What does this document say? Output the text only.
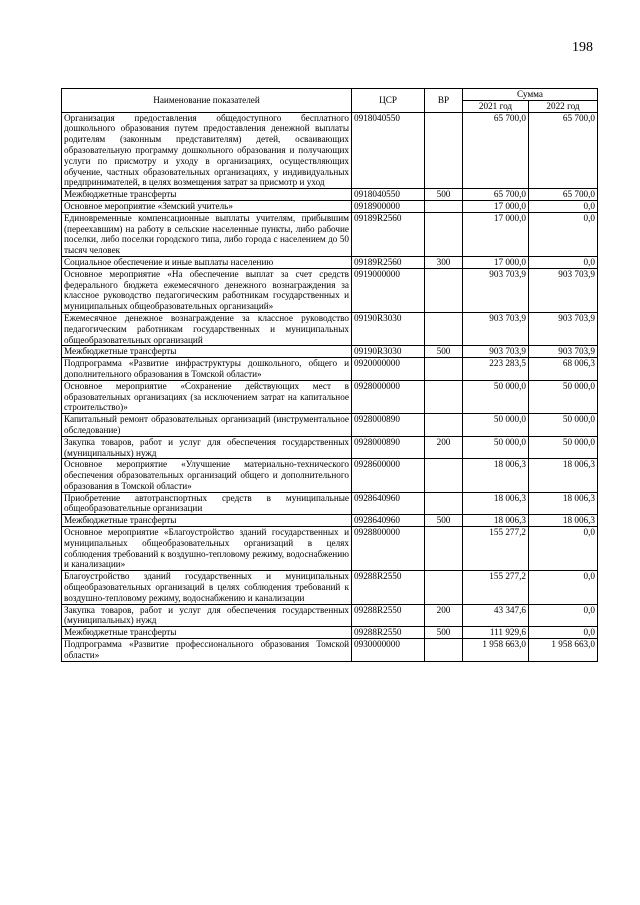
198
Наименование показателей	ЦСР	ВР	Сумма	
			2021 год	2022 год
Организация предоставления общедоступного бесплатного дошкольного образования путем предоставления денежной выплаты родителям (законным представителям) детей, осваивающих образовательную программу дошкольного образования и получающих услуги по присмотру и уходу в организациях, осуществляющих обучение, частных образовательных организациях, у индивидуальных предпринимателей, в целях возмещения затрат за присмотр и уход	0918040550		65 700,0	65 700,0
Межбюджетные трансферты	0918040550	500	65 700,0	65 700,0
Основное мероприятие «Земский учитель»	0918900000		17 000,0	0,0
Единовременные компенсационные выплаты учителям, прибывшим (переехавшим) на работу в сельские населенные пункты, либо рабочие поселки, либо поселки городского типа, либо города с населением до 50 тысяч человек	09189R2560		17 000,0	0,0
Социальное обеспечение и иные выплаты населению	09189R2560	300	17 000,0	0,0
Основное мероприятие «На обеспечение выплат за счет средств федерального бюджета ежемесячного денежного вознаграждения за классное руководство педагогическим работникам государственных и муниципальных общеобразовательных организаций»	0919000000		903 703,9	903 703,9
Ежемесячное денежное вознаграждение за классное руководство педагогическим работникам государственных и муниципальных общеобразовательных организаций	09190R3030		903 703,9	903 703,9
Межбюджетные трансферты	09190R3030	500	903 703,9	903 703,9
Подпрограмма «Развитие инфраструктуры дошкольного, общего и дополнительного образования в Томской области»	0920000000		223 283,5	68 006,3
Основное мероприятие «Сохранение действующих мест в образовательных организациях (за исключением затрат на капитальное строительство)»	0928000000		50 000,0	50 000,0
Капитальный ремонт образовательных организаций (инструментальное обследование)	0928000890		50 000,0	50 000,0
Закупка товаров, работ и услуг для обеспечения государственных (муниципальных) нужд	0928000890	200	50 000,0	50 000,0
Основное мероприятие «Улучшение материально-технического обеспечения образовательных организаций общего и дополнительного образования в Томской области»	0928600000		18 006,3	18 006,3
Приобретение автотранспортных средств в муниципальные общеобразовательные организации	0928640960		18 006,3	18 006,3
Межбюджетные трансферты	0928640960	500	18 006,3	18 006,3
Основное мероприятие «Благоустройство зданий государственных и муниципальных общеобразовательных организаций в целях соблюдения требований к воздушно-тепловому режиму, водоснабжению и канализации»	0928800000		155 277,2	0,0
Благоустройство зданий государственных и муниципальных общеобразовательных организаций в целях соблюдения требований к воздушно-тепловому режиму, водоснабжению и канализации	09288R2550		155 277,2	0,0
Закупка товаров, работ и услуг для обеспечения государственных (муниципальных) нужд	09288R2550	200	43 347,6	0,0
Межбюджетные трансферты	09288R2550	500	111 929,6	0,0
Подпрограмма «Развитие профессионального образования Томской области»	0930000000		1 958 663,0	1 958 663,0
